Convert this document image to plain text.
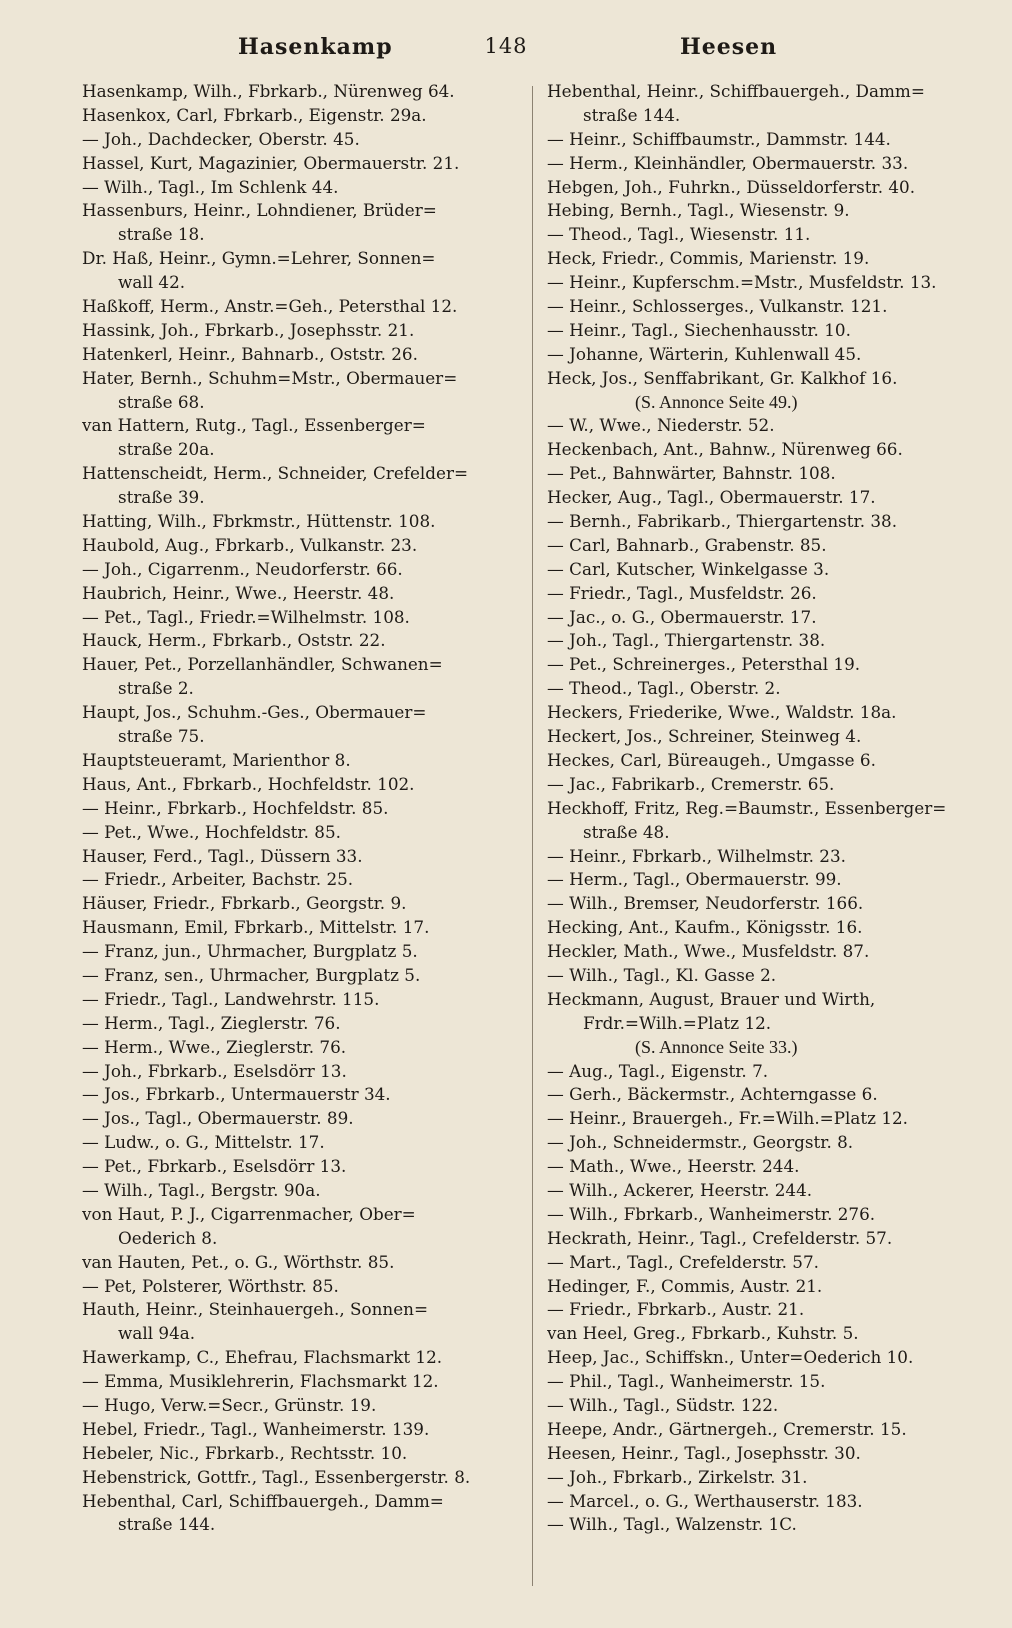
Hasenkamp	148	Heesen
Hasenkamp, Wilh., Fbrkarb., Nürenweg 64.
Hasenkox, Carl, Fbrkarb., Eigenstr. 29a.
— Joh., Dachdecker, Oberstr. 45.
Hassel, Kurt, Magazinier, Obermauerstr. 21.
— Wilh., Tagl., Im Schlenk 44.
Hassenburs, Heinr., Lohndiener, Brüder=
straße 18.
Dr. Haß, Heinr., Gymn.=Lehrer, Sonnen=
wall 42.
Haßkoff, Herm., Anstr.=Geh., Petersthal 12.
Hassink, Joh., Fbrkarb., Josephsstr. 21.
Hatenkerl, Heinr., Bahnarb., Oststr. 26.
Hater, Bernh., Schuhm=Mstr., Obermauer=
straße 68.
van Hattern, Rutg., Tagl., Essenberger=
straße 20a.
Hattenscheidt, Herm., Schneider, Crefelder=
straße 39.
Hatting, Wilh., Fbrkmstr., Hüttenstr. 108.
Haubold, Aug., Fbrkarb., Vulkanstr. 23.
— Joh., Cigarrenm., Neudorferstr. 66.
Haubrich, Heinr., Wwe., Heerstr. 48.
— Pet., Tagl., Friedr.=Wilhelmstr. 108.
Hauck, Herm., Fbrkarb., Oststr. 22.
Hauer, Pet., Porzellanhändler, Schwanen=
straße 2.
Haupt, Jos., Schuhm.-Ges., Obermauer=
straße 75.
Hauptsteueramt, Marienthor 8.
Haus, Ant., Fbrkarb., Hochfeldstr. 102.
— Heinr., Fbrkarb., Hochfeldstr. 85.
— Pet., Wwe., Hochfeldstr. 85.
Hauser, Ferd., Tagl., Düssern 33.
— Friedr., Arbeiter, Bachstr. 25.
Häuser, Friedr., Fbrkarb., Georgstr. 9.
Hausmann, Emil, Fbrkarb., Mittelstr. 17.
— Franz, jun., Uhrmacher, Burgplatz 5.
— Franz, sen., Uhrmacher, Burgplatz 5.
— Friedr., Tagl., Landwehrstr. 115.
— Herm., Tagl., Zieglerstr. 76.
— Herm., Wwe., Zieglerstr. 76.
— Joh., Fbrkarb., Eselsdörr 13.
— Jos., Fbrkarb., Untermauerstr 34.
— Jos., Tagl., Obermauerstr. 89.
— Ludw., o. G., Mittelstr. 17.
— Pet., Fbrkarb., Eselsdörr 13.
— Wilh., Tagl., Bergstr. 90a.
von Haut, P. J., Cigarrenmacher, Ober=
Oederich 8.
van Hauten, Pet., o. G., Wörthstr. 85.
— Pet, Polsterer, Wörthstr. 85.
Hauth, Heinr., Steinhauergeh., Sonnen=
wall 94a.
Hawerkamp, C., Ehefrau, Flachsmarkt 12.
— Emma, Musiklehrerin, Flachsmarkt 12.
— Hugo, Verw.=Secr., Grünstr. 19.
Hebel, Friedr., Tagl., Wanheimerstr. 139.
Hebeler, Nic., Fbrkarb., Rechtsstr. 10.
Hebenstrick, Gottfr., Tagl., Essenbergerstr. 8.
Hebenthal, Carl, Schiffbauergeh., Damm=
straße 144.
Hebenthal, Heinr., Schiffbauergeh., Damm=
straße 144.
— Heinr., Schiffbaumstr., Dammstr. 144.
— Herm., Kleinhändler, Obermauerstr. 33.
Hebgen, Joh., Fuhrkn., Düsseldorferstr. 40.
Hebing, Bernh., Tagl., Wiesenstr. 9.
— Theod., Tagl., Wiesenstr. 11.
Heck, Friedr., Commis, Marienstr. 19.
— Heinr., Kupferschm.=Mstr., Musfeldstr. 13.
— Heinr., Schlosserges., Vulkanstr. 121.
— Heinr., Tagl., Siechenhausstr. 10.
— Johanne, Wärterin, Kuhlenwall 45.
Heck, Jos., Senffabrikant, Gr. Kalkhof 16.
(S. Annonce Seite 49.)
— W., Wwe., Niederstr. 52.
Heckenbach, Ant., Bahnw., Nürenweg 66.
— Pet., Bahnwärter, Bahnstr. 108.
Hecker, Aug., Tagl., Obermauerstr. 17.
— Bernh., Fabrikarb., Thiergartenstr. 38.
— Carl, Bahnarb., Grabenstr. 85.
— Carl, Kutscher, Winkelgasse 3.
— Friedr., Tagl., Musfeldstr. 26.
— Jac., o. G., Obermauerstr. 17.
— Joh., Tagl., Thiergartenstr. 38.
— Pet., Schreinerges., Petersthal 19.
— Theod., Tagl., Oberstr. 2.
Heckers, Friederike, Wwe., Waldstr. 18a.
Heckert, Jos., Schreiner, Steinweg 4.
Heckes, Carl, Büreaugeh., Umgasse 6.
— Jac., Fabrikarb., Cremerstr. 65.
Heckhoff, Fritz, Reg.=Baumstr., Essenberger=
straße 48.
— Heinr., Fbrkarb., Wilhelmstr. 23.
— Herm., Tagl., Obermauerstr. 99.
— Wilh., Bremser, Neudorferstr. 166.
Hecking, Ant., Kaufm., Königsstr. 16.
Heckler, Math., Wwe., Musfeldstr. 87.
— Wilh., Tagl., Kl. Gasse 2.
Heckmann, August, Brauer und Wirth,
Frdr.=Wilh.=Platz 12.
(S. Annonce Seite 33.)
— Aug., Tagl., Eigenstr. 7.
— Gerh., Bäckermstr., Achterngasse 6.
— Heinr., Brauergeh., Fr.=Wilh.=Platz 12.
— Joh., Schneidermstr., Georgstr. 8.
— Math., Wwe., Heerstr. 244.
— Wilh., Ackerer, Heerstr. 244.
— Wilh., Fbrkarb., Wanheimerstr. 276.
Heckrath, Heinr., Tagl., Crefelderstr. 57.
— Mart., Tagl., Crefelderstr. 57.
Hedinger, F., Commis, Austr. 21.
— Friedr., Fbrkarb., Austr. 21.
van Heel, Greg., Fbrkarb., Kuhstr. 5.
Heep, Jac., Schiffskn., Unter=Oederich 10.
— Phil., Tagl., Wanheimerstr. 15.
— Wilh., Tagl., Südstr. 122.
Heepe, Andr., Gärtnergeh., Cremerstr. 15.
Heesen, Heinr., Tagl., Josephsstr. 30.
— Joh., Fbrkarb., Zirkelstr. 31.
— Marcel., o. G., Werthauserstr. 183.
— Wilh., Tagl., Walzenstr. 1C.
